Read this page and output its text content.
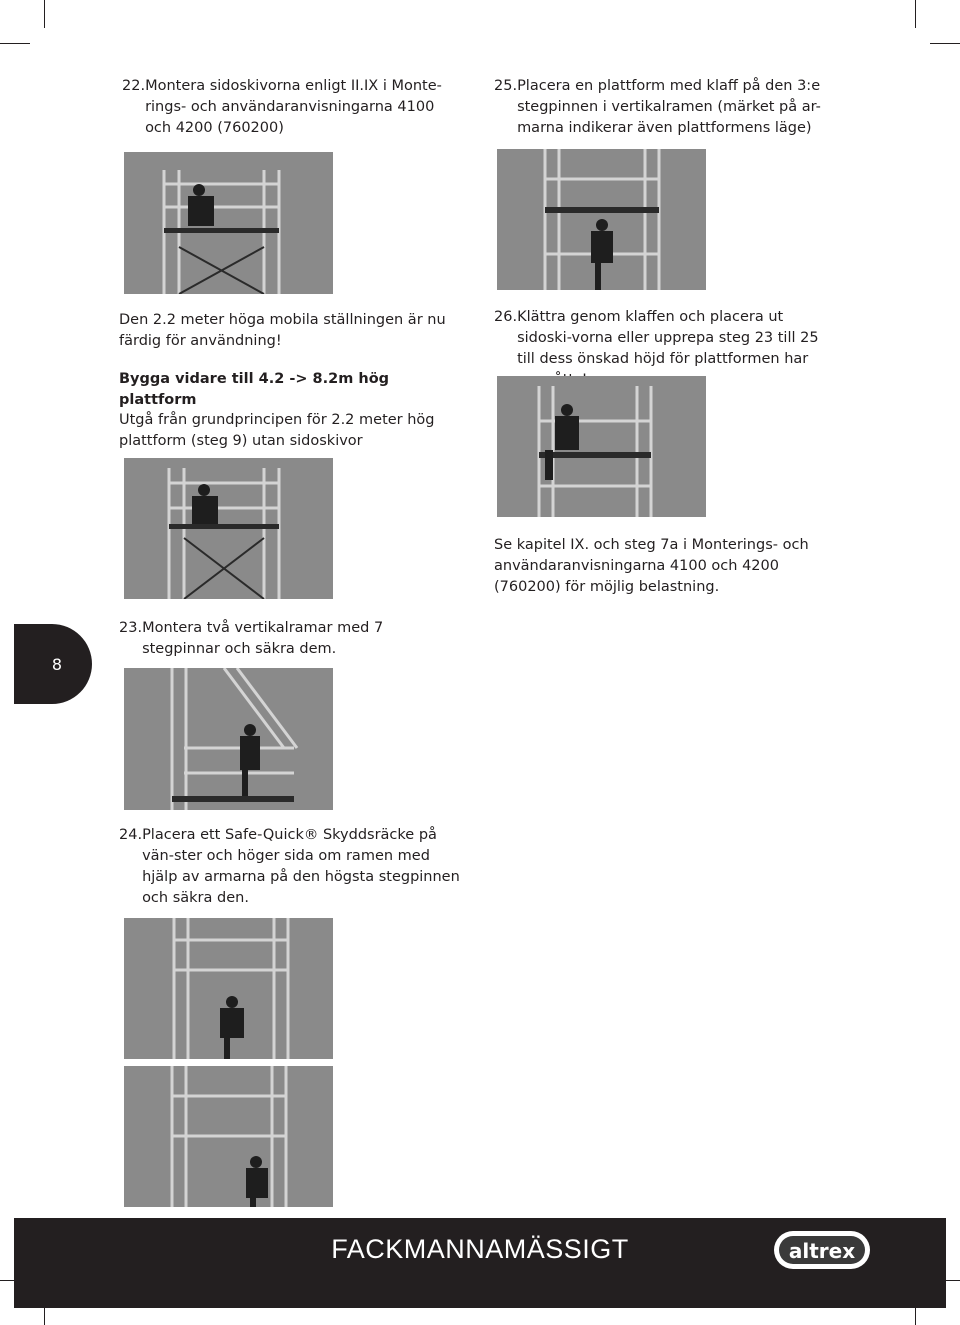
22. Montera sidoskivorna enligt II.IX i Monte-rings- och användaranvisningarna 4100 och 4200 (760200)
25. Placera en plattform med klaff på den 3:e stegpinnen i vertikalramen (märket på ar-marna indikerar även plattformens läge)
Den 2.2 meter höga mobila ställningen är nu färdig för användning!
Bygga vidare till 4.2 -> 8.2m hög plattform
Utgå från grundprincipen för 2.2 meter hög plattform (steg 9) utan sidoskivor
26. Klättra genom klaffen och placera ut sidoski-vorna eller upprepa steg 23 till 25 till dess önskad höjd för plattformen har
Se kapitel IX. och steg 7a i Monterings- och användaranvisningarna 4100 och 4200 (760200) för möjlig belastning.
8
23. Montera två vertikalramar med 7 stegpinnar och säkra dem.
24. Placera ett Safe-Quick® Skyddsräcke på vän-ster och höger sida om ramen med hjälp av armarna på den högsta stegpinnen och säkra den.
FACKMANNAMÄSSIGT	altrex
